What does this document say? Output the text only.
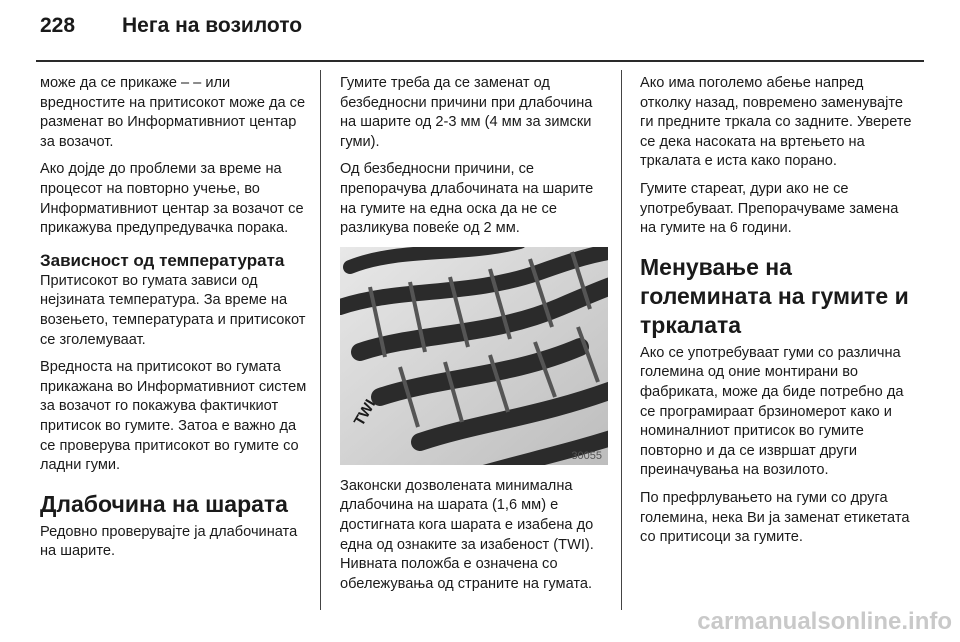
228	Нега на возилото

може да се прикаже – – или вредностите на притисокот може да се разменат во Информативниот центар за возачот.

Ако дојде до проблеми за време на процесот на повторно учење, во Информативниот центар за возачот се прикажува предупредувачка порака.

Зависност од температурата

Притисокот во гумата зависи од нејзината температура. За време на возењето, температурата и притисокот се зголемуваат.

Вредноста на притисокот во гумата прикажана во Информативниот систем за возачот го покажува фактичкиот притисок во гумите. Затоа е важно да се проверува притисокот во гумите со ладни гуми.

Длабочина на шарата

Редовно проверувајте ја длабочината на шарите.

Гумите треба да се заменат од безбедносни причини при длабочина на шарите од 2-3 мм (4 мм за зимски гуми).

Од безбедносни причини, се препорачува длабочината на шарите на гумите на една оска да не се разликува повеќе од 2 мм.

TWI
30055

Законски дозволената минимална длабочина на шарата (1,6 мм) е достигната кога шарата е изабена до една од ознаките за изабеност (TWI). Нивната положба е означена со обележувања од страните на гумата.

Ако има поголемо абење напред отколку назад, повремено заменувајте ги предните тркала со задните. Уверете се дека насоката на вртењето на тркалата е иста како порано.

Гумите стареат, дури ако не се употребуваат. Препорачуваме замена на гумите на 6 години.

Менување на големината на гумите и тркалата

Ако се употребуваат гуми со различна големина од оние монтирани во фабриката, може да биде потребно да се програмираат брзиномерот како и номиналниот притисок во гумите повторно и да се извршат други преиначувања на возилото.

По префрлувањето на гуми со друга големина, нека Ви ја заменат етикетата со притисоци за гумите.

carmanualsonline.info
